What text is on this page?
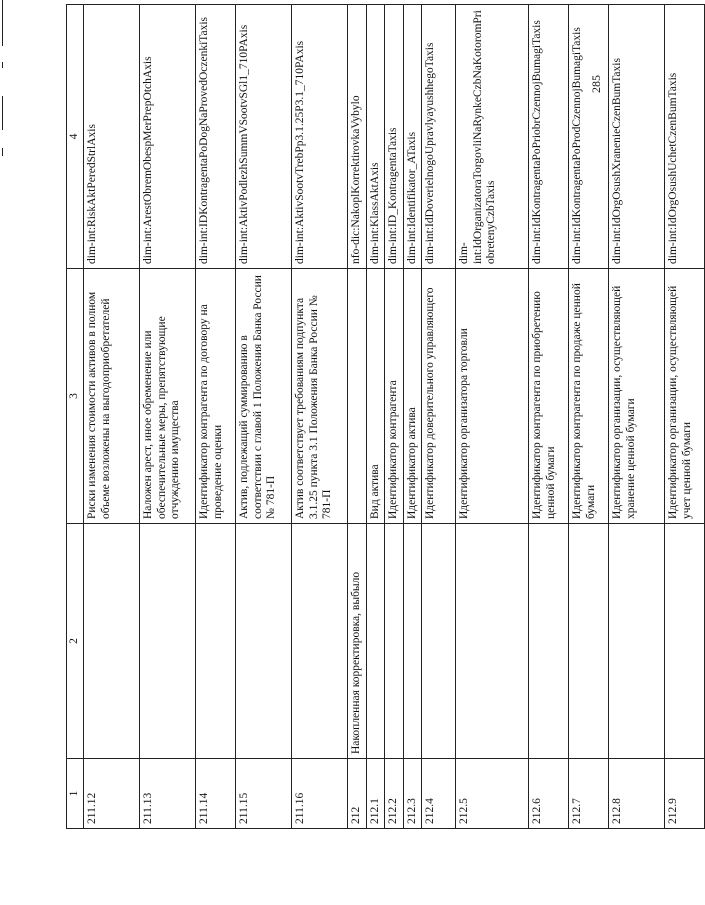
285
1	2	3	4
211.12		Риски изменения стоимости активов в полном объеме возложены на выгодоприобретателей	dim-int:RiskAktPeredStrlAxis
211.13		Наложен арест, иное обременение или обеспечительные меры, препятствующие отчуждению имущества	dim-int:ArestObremObespMerPrepOtchAxis
211.14		Идентификатор контрагента по договору на проведение оценки	dim-int:IDKontragentaPoDogNaProvedOczenkiTaxis
211.15		Актив, подлежащий суммированию в соответствии с главой 1 Положения Банка России № 781-П	dim-int:AktivPodlezhSummVSootvSGl1_710PAxis
211.16		Актив соответствует требованиям подпункта 3.1.25 пункта 3.1 Положения Банка России № 781-П	dim-int:AktivSootvTrebPp3.1.25P3.1_710PAxis
212	Накопленная корректировка, выбыло		nfo-dic:NakoplKorrektirovkaVybylo
212.1		Вид актива	dim-int:KlassAktAxis
212.2		Идентификатор контрагента	dim-int:ID_KontragentaTaxis
212.3		Идентификатор актива	dim-int:Identifikator_ATaxis
212.4		Идентификатор доверительного управляющего	dim-int:IdDoverielnogoUpravlyayushhegoTaxis
212.5		Идентификатор организатора торговли	dim-int:IdOrganizatoraTorgovliNaRynkeCzbNaKotoromPriobretenyCzbTaxis
212.6		Идентификатор контрагента по приобретению ценной бумаги	dim-int:IdKontragentaPoPriobrCzennojBumagiTaxis
212.7		Идентификатор контрагента по продаже ценной бумаги	dim-int:IdKontragentaPoProdCzennojBumagiTaxis
212.8		Идентификатор организации, осуществляющей хранение ценной бумаги	dim-int:IdOrgOsushXranenieCzenBumTaxis
212.9		Идентификатор организации, осуществляющей учет ценной бумаги	dim-int:IdOrgOsushUchetCzenBumTaxis
